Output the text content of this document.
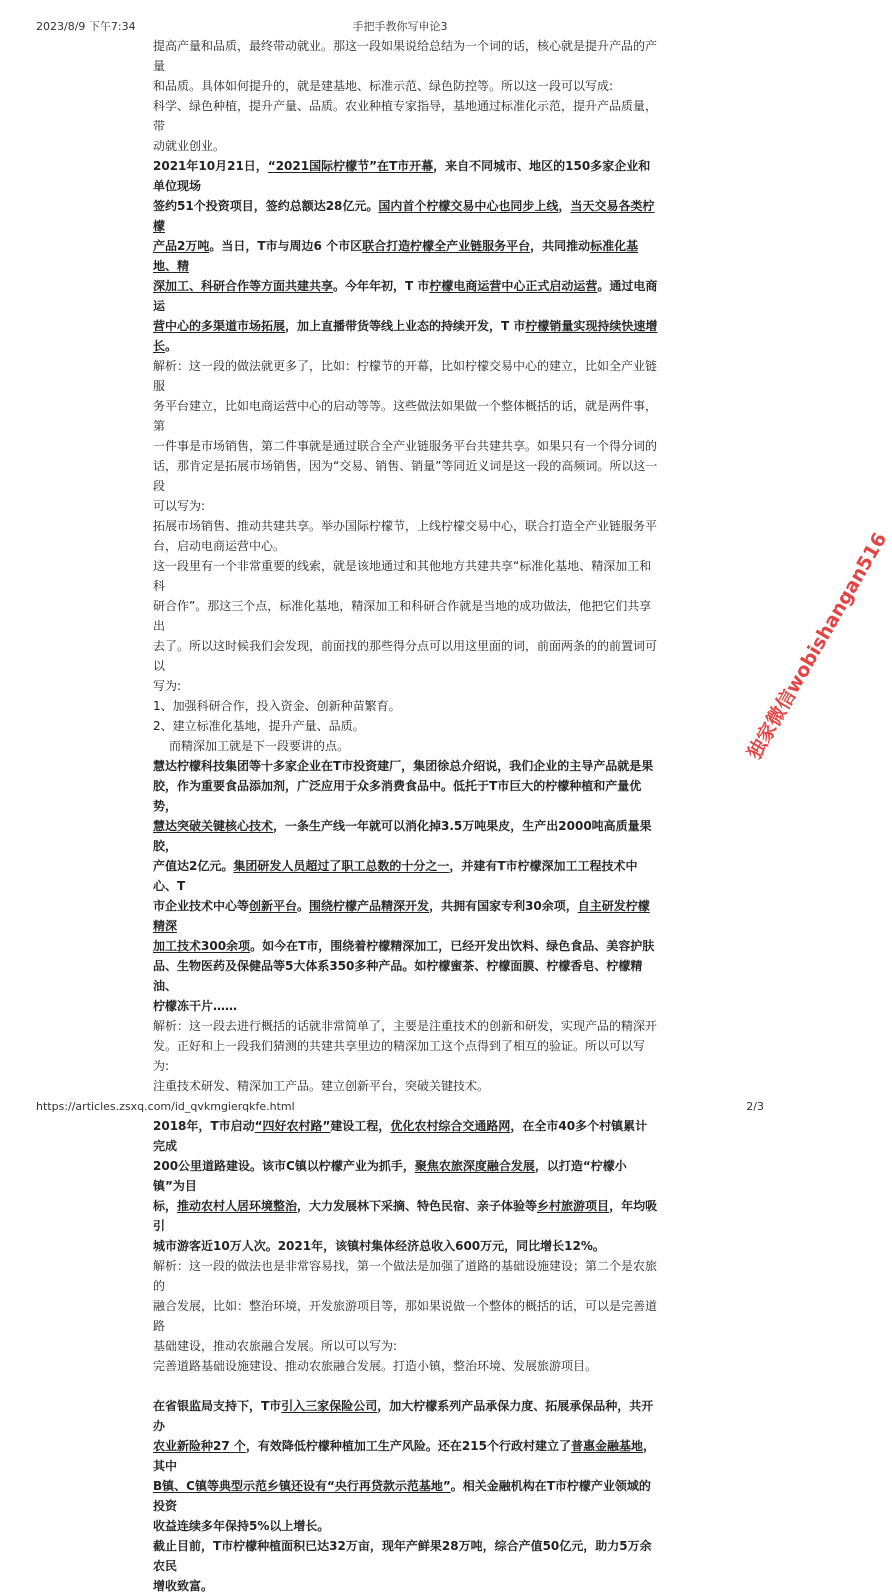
2023/8/9 下午7:34	手把手教你写申论3

提高产量和品质，最终带动就业。那这一段如果说给总结为一个词的话，核心就是提升产品的产量

和品质。具体如何提升的，就是建基地、标准示范、绿色防控等。所以这一段可以写成:

科学、绿色种植，提升产量、品质。农业种植专家指导，基地通过标准化示范，提升产品质量，带

动就业创业。

2021年10月21日，“2021国际柠檬节”在T市开幕，来自不同城市、地区的150多家企业和单位现场

签约51个投资项目，签约总额达28亿元。国内首个柠檬交易中心也同步上线，当天交易各类柠檬

产品2万吨。当日，T市与周边6 个市区联合打造柠檬全产业链服务平台，共同推动标准化基地、精

深加工、科研合作等方面共建共享。今年年初，T 市柠檬电商运营中心正式启动运营。通过电商运

营中心的多渠道市场拓展，加上直播带货等线上业态的持续开发，T 市柠檬销量实现持续快速增

长。

解析：这一段的做法就更多了，比如：柠檬节的开幕，比如柠檬交易中心的建立，比如全产业链服

务平台建立，比如电商运营中心的启动等等。这些做法如果做一个整体概括的话，就是两件事，第

一件事是市场销售，第二件事就是通过联合全产业链服务平台共建共享。如果只有一个得分词的

话，那肯定是拓展市场销售，因为“交易、销售、销量”等同近义词是这一段的高频词。所以这一段

可以写为:

拓展市场销售、推动共建共享。举办国际柠檬节，上线柠檬交易中心，联合打造全产业链服务平

台，启动电商运营中心。

这一段里有一个非常重要的线索，就是该地通过和其他地方共建共享“标准化基地、精深加工和科

研合作”。那这三个点，标准化基地，精深加工和科研合作就是当地的成功做法，他把它们共享出

去了。所以这时候我们会发现，前面找的那些得分点可以用这里面的词，前面两条的的前置词可以

写为:

1、加强科研合作，投入资金、创新种苗繁育。

2、建立标准化基地，提升产量、品质。

而精深加工就是下一段要讲的点。

慧达柠檬科技集团等十多家企业在T市投资建厂，集团徐总介绍说，我们企业的主导产品就是果

胶，作为重要食品添加剂，广泛应用于众多消费食品中。低托于T市巨大的柠檬种植和产量优势，

慧达突破关键核心技术，一条生产线一年就可以消化掉3.5万吨果皮，生产出2000吨高质量果胶，

产值达2亿元。集团研发人员超过了职工总数的十分之一，并建有T市柠檬深加工工程技术中心、T

市企业技术中心等创新平台。围绕柠檬产品精深开发，共拥有国家专利30余项，自主研发柠檬精深

加工技术300余项。如今在T市，围绕着柠檬精深加工，已经开发出饮料、绿色食品、美容护肤

品、生物医药及保健品等5大体系350多种产品。如柠檬蜜茶、柠檬面膜、柠檬香皂、柠檬精油、

柠檬冻干片……

解析：这一段去进行概括的话就非常简单了，主要是注重技术的创新和研发，实现产品的精深开

发。正好和上一段我们猜测的共建共享里边的精深加工这个点得到了相互的验证。所以可以写为:

注重技术研发、精深加工产品。建立创新平台，突破关键技术。

2018年，T市启动“四好农村路”建设工程，优化农村综合交通路网，在全市40多个村镇累计完成

200公里道路建设。该市C镇以柠檬产业为抓手，聚焦农旅深度融合发展，以打造“柠檬小镇”为目

标，推动农村人居环境整治，大力发展林下采摘、特色民宿、亲子体验等乡村旅游项目，年均吸引

城市游客近10万人次。2021年，该镇村集体经济总收入600万元，同比增长12%。

解析：这一段的做法也是非常容易找，第一个做法是加强了道路的基础设施建设；第二个是农旅的

融合发展，比如：整治环境，开发旅游项目等，那如果说做一个整体的概括的话，可以是完善道路

基础建设，推动农旅融合发展。所以可以写为:

完善道路基础设施建设、推动农旅融合发展。打造小镇，整治环境、发展旅游项目。

在省银监局支持下，T市引入三家保险公司，加大柠檬系列产品承保力度、拓展承保品种，共开办

农业新险种27 个，有效降低柠檬种植加工生产风险。还在215个行政村建立了普惠金融基地，其中

B镇、C镇等典型示范乡镇还设有“央行再贷款示范基地”。相关金融机构在T市柠檬产业领域的投资

收益连续多年保持5%以上增长。

截止目前，T市柠檬种植面积已达32万亩，现年产鲜果28万吨，综合产值50亿元，助力5万余农民

增收致富。

独家微信wobishangan516
https://articles.zsxq.com/id_qvkmgierqkfe.html	2/3
